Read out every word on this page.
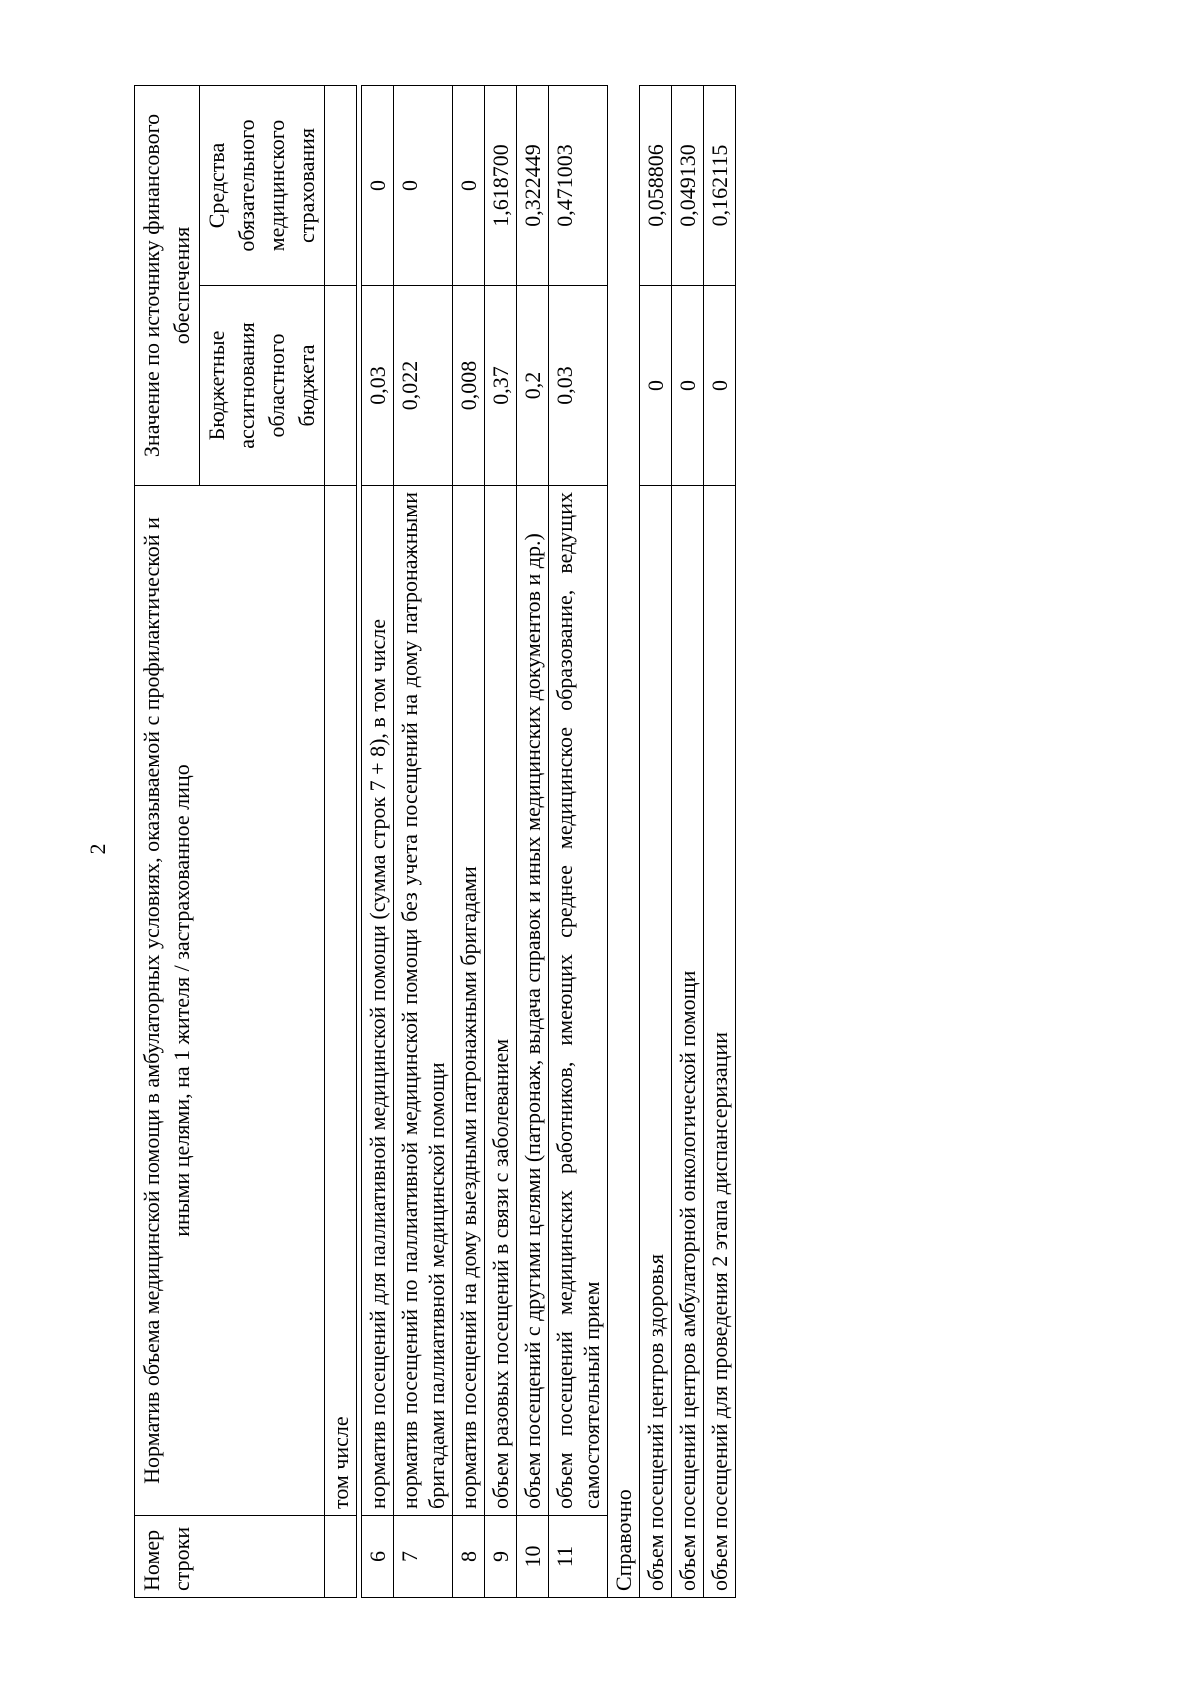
2
Номер строки	Норматив объема медицинской помощи в амбулаторных условиях, оказываемой с профилактической и иными целями, на 1 жителя / застрахованное лицо	Значение по источнику финансового обеспечения	
		Бюджетные ассигнования областного бюджета	Средства обязательного медицинского страхования
	том числе		

6	норматив посещений для паллиативной медицинской помощи (сумма строк 7 + 8), в том числе	0,03	0
7	норматив посещений по паллиативной медицинской помощи без учета посещений на дому патронажными бригадами паллиативной медицинской помощи	0,022	0
8	норматив посещений на дому выездными патронажными бригадами	0,008	0
9	объем разовых посещений в связи с заболеванием	0,37	1,618700
10	объем посещений с другими целями (патронаж, выдача справок и иных медицинских документов и др.)	0,2	0,322449
11	объем посещений медицинских работников, имеющих среднее медицинское образование, ведущих самостоятельный прием	0,03	0,471003
Справочно			
объем посещений центров здоровья		0	0,058806
объем посещений центров амбулаторной онкологической помощи		0	0,049130
объем посещений для проведения 2 этапа диспансеризации		0	0,162115
